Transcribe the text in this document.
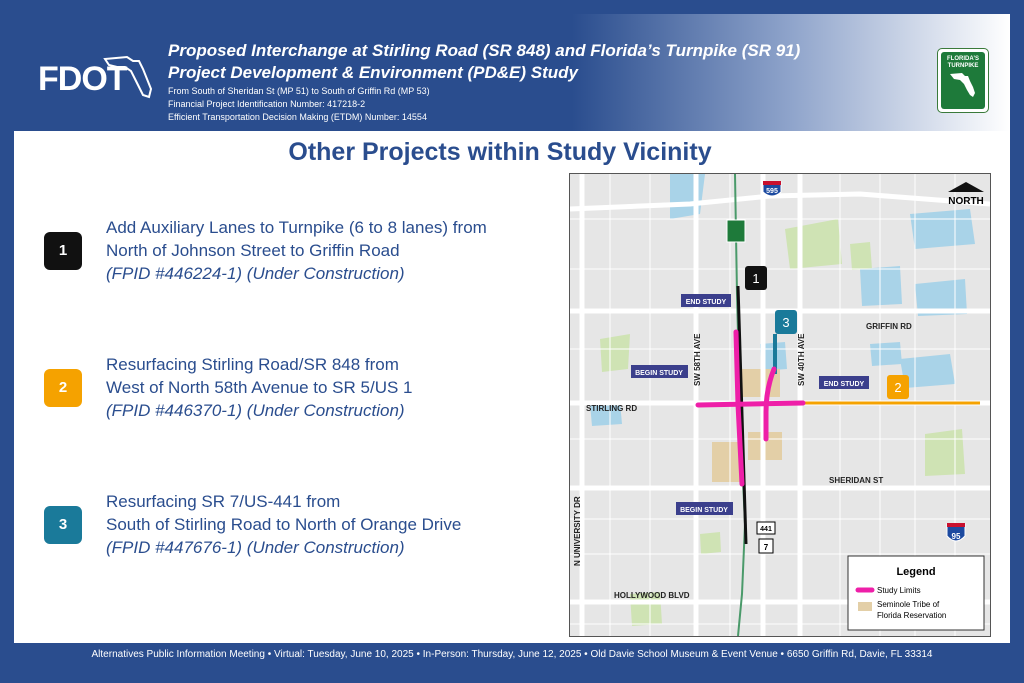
FDOT
Proposed Interchange at Stirling Road (SR 848) and Florida’s Turnpike (SR 91)
Project Development & Environment (PD&E) Study
From South of Sheridan St (MP 51) to South of Griffin Rd (MP 53)
Financial Project Identification Number: 417218-2
Efficient Transportation Decision Making (ETDM) Number: 14554
FLORIDA’S
TURNPIKE
Other Projects within Study Vicinity
1
Add Auxiliary Lanes to Turnpike (6 to 8 lanes) from
North of Johnson Street to Griffin Road
(FPID #446224-1) (Under Construction)
2
Resurfacing Stirling Road/SR 848 from
West of North 58th Avenue to SR 5/US 1
(FPID #446370-1) (Under Construction)
3
Resurfacing SR 7/US-441 from
South of Stirling Road to North of Orange Drive
(FPID #447676-1) (Under Construction)
595
95
441
7
NORTH
1
3
2
END STUDY
BEGIN STUDY
END STUDY
BEGIN STUDY
GRIFFIN RD
STIRLING RD
SHERIDAN ST
HOLLYWOOD BLVD
N UNIVERSITY DR
SW 58TH AVE	SW 40TH AVE
Legend
Study Limits
Seminole Tribe of
Florida Reservation
Alternatives Public Information Meeting • Virtual: Tuesday, June 10, 2025 • In-Person: Thursday, June 12, 2025 • Old Davie School Museum & Event Venue • 6650 Griffin Rd, Davie, FL 33314
